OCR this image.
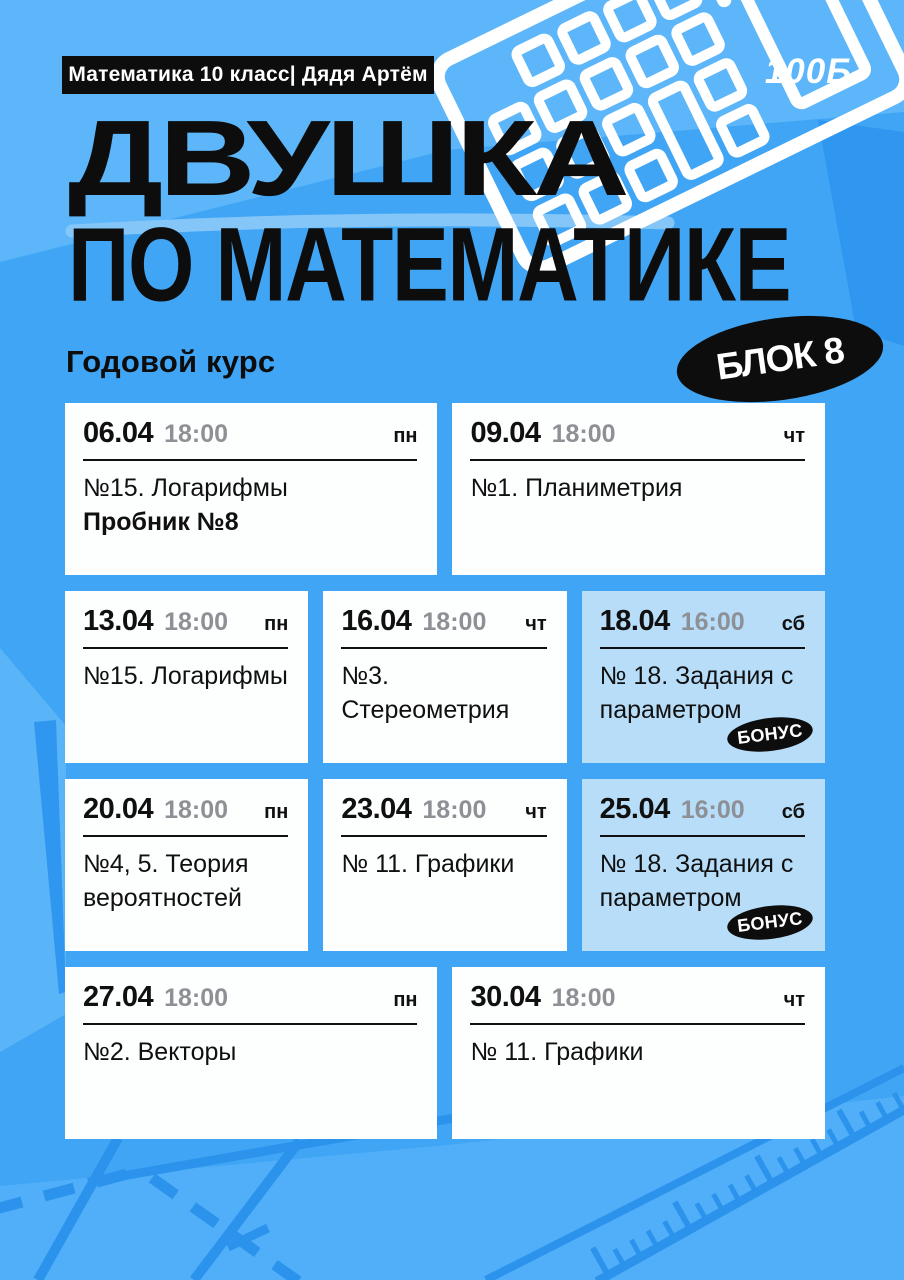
Математика 10 класс| Дядя Артём	100Б
ДВУШКА
ПО МАТЕМАТИКЕ
Годовой курс	БЛОК 8
06.04 18:00	пн
№15. Логарифмы
Пробник №8
09.04 18:00	чт
№1. Планиметрия
13.04 18:00 пн
№15. Логарифмы
16.04 18:00 чт
№3. Стереометрия
18.04 16:00 сб
№ 18. Задания с параметром
БОНУС
20.04 18:00 пн
№4, 5. Теория вероятностей
23.04 18:00 чт
№ 11. Графики
25.04 16:00 сб
№ 18. Задания с параметром
БОНУС
27.04 18:00	пн
№2. Векторы
30.04 18:00	чт
№ 11. Графики
